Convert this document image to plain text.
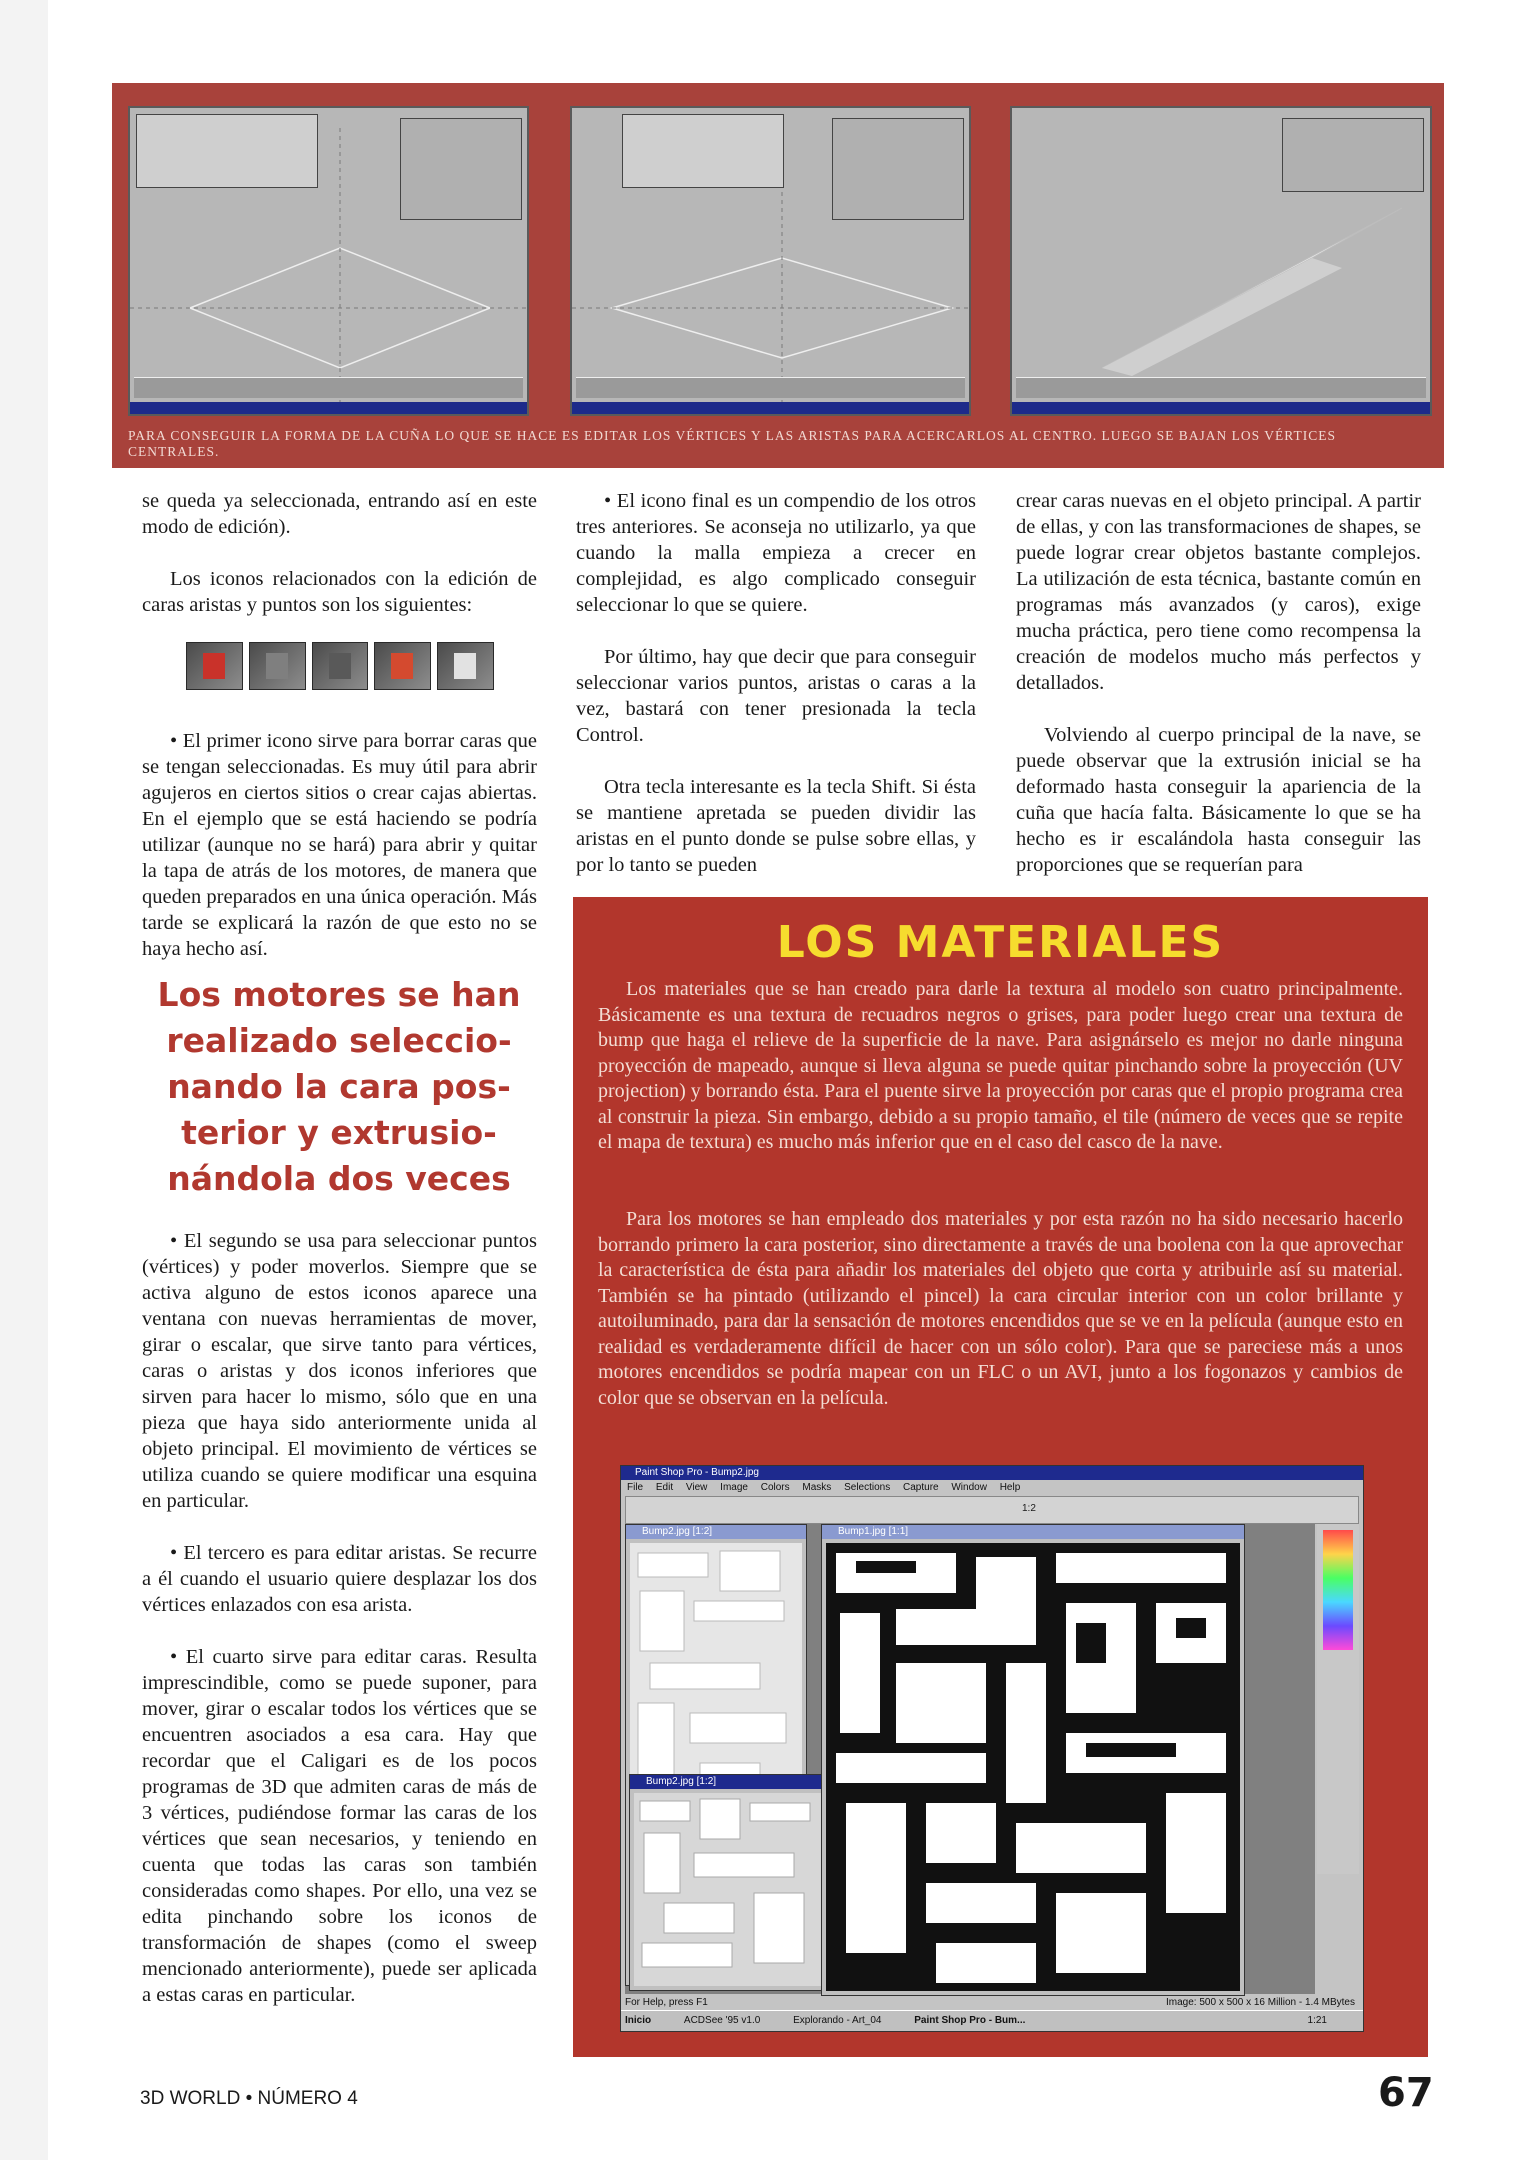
PARA CONSEGUIR LA FORMA DE LA CUÑA LO QUE SE HACE ES EDITAR LOS VÉRTICES Y LAS ARISTAS PARA ACERCARLOS AL CENTRO. LUEGO SE BAJAN LOS VÉRTICES CENTRALES.

se queda ya seleccionada, entrando así en este modo de edición).

Los iconos relacionados con la edición de caras aristas y puntos son los siguientes:

• El primer icono sirve para borrar caras que se tengan seleccionadas. Es muy útil para abrir agujeros en ciertos sitios o crear cajas abiertas. En el ejemplo que se está haciendo se podría utilizar (aunque no se hará) para abrir y quitar la tapa de atrás de los motores, de manera que queden preparados en una única operación. Más tarde se explicará la razón de que esto no se haya hecho así.

Los motores se han realizado seleccio-nando la cara pos-terior y extrusio-nándola dos veces

• El segundo se usa para seleccionar puntos (vértices) y poder moverlos. Siempre que se activa alguno de estos iconos aparece una ventana con nuevas herramientas de mover, girar o escalar, que sirve tanto para vértices, caras o aristas y dos iconos inferiores que sirven para hacer lo mismo, sólo que en una pieza que haya sido anteriormente unida al objeto principal. El movimiento de vértices se utiliza cuando se quiere modificar una esquina en particular.

• El tercero es para editar aristas. Se recurre a él cuando el usuario quiere desplazar los dos vértices enlazados con esa arista.

• El cuarto sirve para editar caras. Resulta imprescindible, como se puede suponer, para mover, girar o escalar todos los vértices que se encuentren asociados a esa cara. Hay que recordar que el Caligari es de los pocos programas de 3D que admiten caras de más de 3 vértices, pudiéndose formar las caras de los vértices que sean necesarios, y teniendo en cuenta que todas las caras son también consideradas como shapes. Por ello, una vez se edita pinchando sobre los iconos de transformación de shapes (como el sweep mencionado anteriormente), puede ser aplicada a estas caras en particular.

• El icono final es un compendio de los otros tres anteriores. Se aconseja no utilizarlo, ya que cuando la malla empieza a crecer en complejidad, es algo complicado conseguir seleccionar lo que se quiere.

Por último, hay que decir que para conseguir seleccionar varios puntos, aristas o caras a la vez, bastará con tener presionada la tecla Control.

Otra tecla interesante es la tecla Shift. Si ésta se mantiene apretada se pueden dividir las aristas en el punto donde se pulse sobre ellas, y por lo tanto se pueden

crear caras nuevas en el objeto principal. A partir de ellas, y con las transformaciones de shapes, se puede lograr crear objetos bastante complejos. La utilización de esta técnica, bastante común en programas más avanzados (y caros), exige mucha práctica, pero tiene como recompensa la creación de modelos mucho más perfectos y detallados.

Volviendo al cuerpo principal de la nave, se puede observar que la extrusión inicial se ha deformado hasta conseguir la apariencia de la cuña que hacía falta. Básicamente lo que se ha hecho es ir escalándola hasta conseguir las proporciones que se requerían para

LOS MATERIALES

Los materiales que se han creado para darle la textura al modelo son cuatro principalmente. Básicamente es una textura de recuadros negros o grises, para poder luego crear una textura de bump que haga el relieve de la superficie de la nave. Para asignárselo es mejor no darle ninguna proyección de mapeado, aunque si lleva alguna se puede quitar pinchando sobre la proyección (UV projection) y borrando ésta. Para el puente sirve la proyección por caras que el propio programa crea al construir la pieza. Sin embargo, debido a su propio tamaño, el tile (número de veces que se repite el mapa de textura) es mucho más inferior que en el caso del casco de la nave.

Para los motores se han empleado dos materiales y por esta razón no ha sido necesario hacerlo borrando primero la cara posterior, sino directamente a través de una boolena con la que aprovechar la característica de ésta para añadir los materiales del objeto que corta y atribuirle así su material. También se ha pintado (utilizando el pincel) la cara circular interior con un color brillante y autoiluminado, para dar la sensación de motores encendidos que se ve en la película (aunque esto en realidad es verdaderamente difícil de hacer con un sólo color). Para que se pareciese más a unos motores encendidos se podría mapear con un FLC o un AVI, junto a los fogonazos y cambios de color que se observan en la película.

Paint Shop Pro - Bump2.jpg
File Edit View Image Colors Masks Selections Capture Window Help
1:2
Bump2.jpg [1:2]
Bump2.jpg [1:2]
Bump1.jpg [1:1]
For Help, press F1	Image: 500 x 500 x 16 Million - 1.4 MBytes
Inicio	ACDSee '95 v1.0	Explorando - Art_04	Paint Shop Pro - Bum...	1:21
3D WORLD • NÚMERO 4	67
